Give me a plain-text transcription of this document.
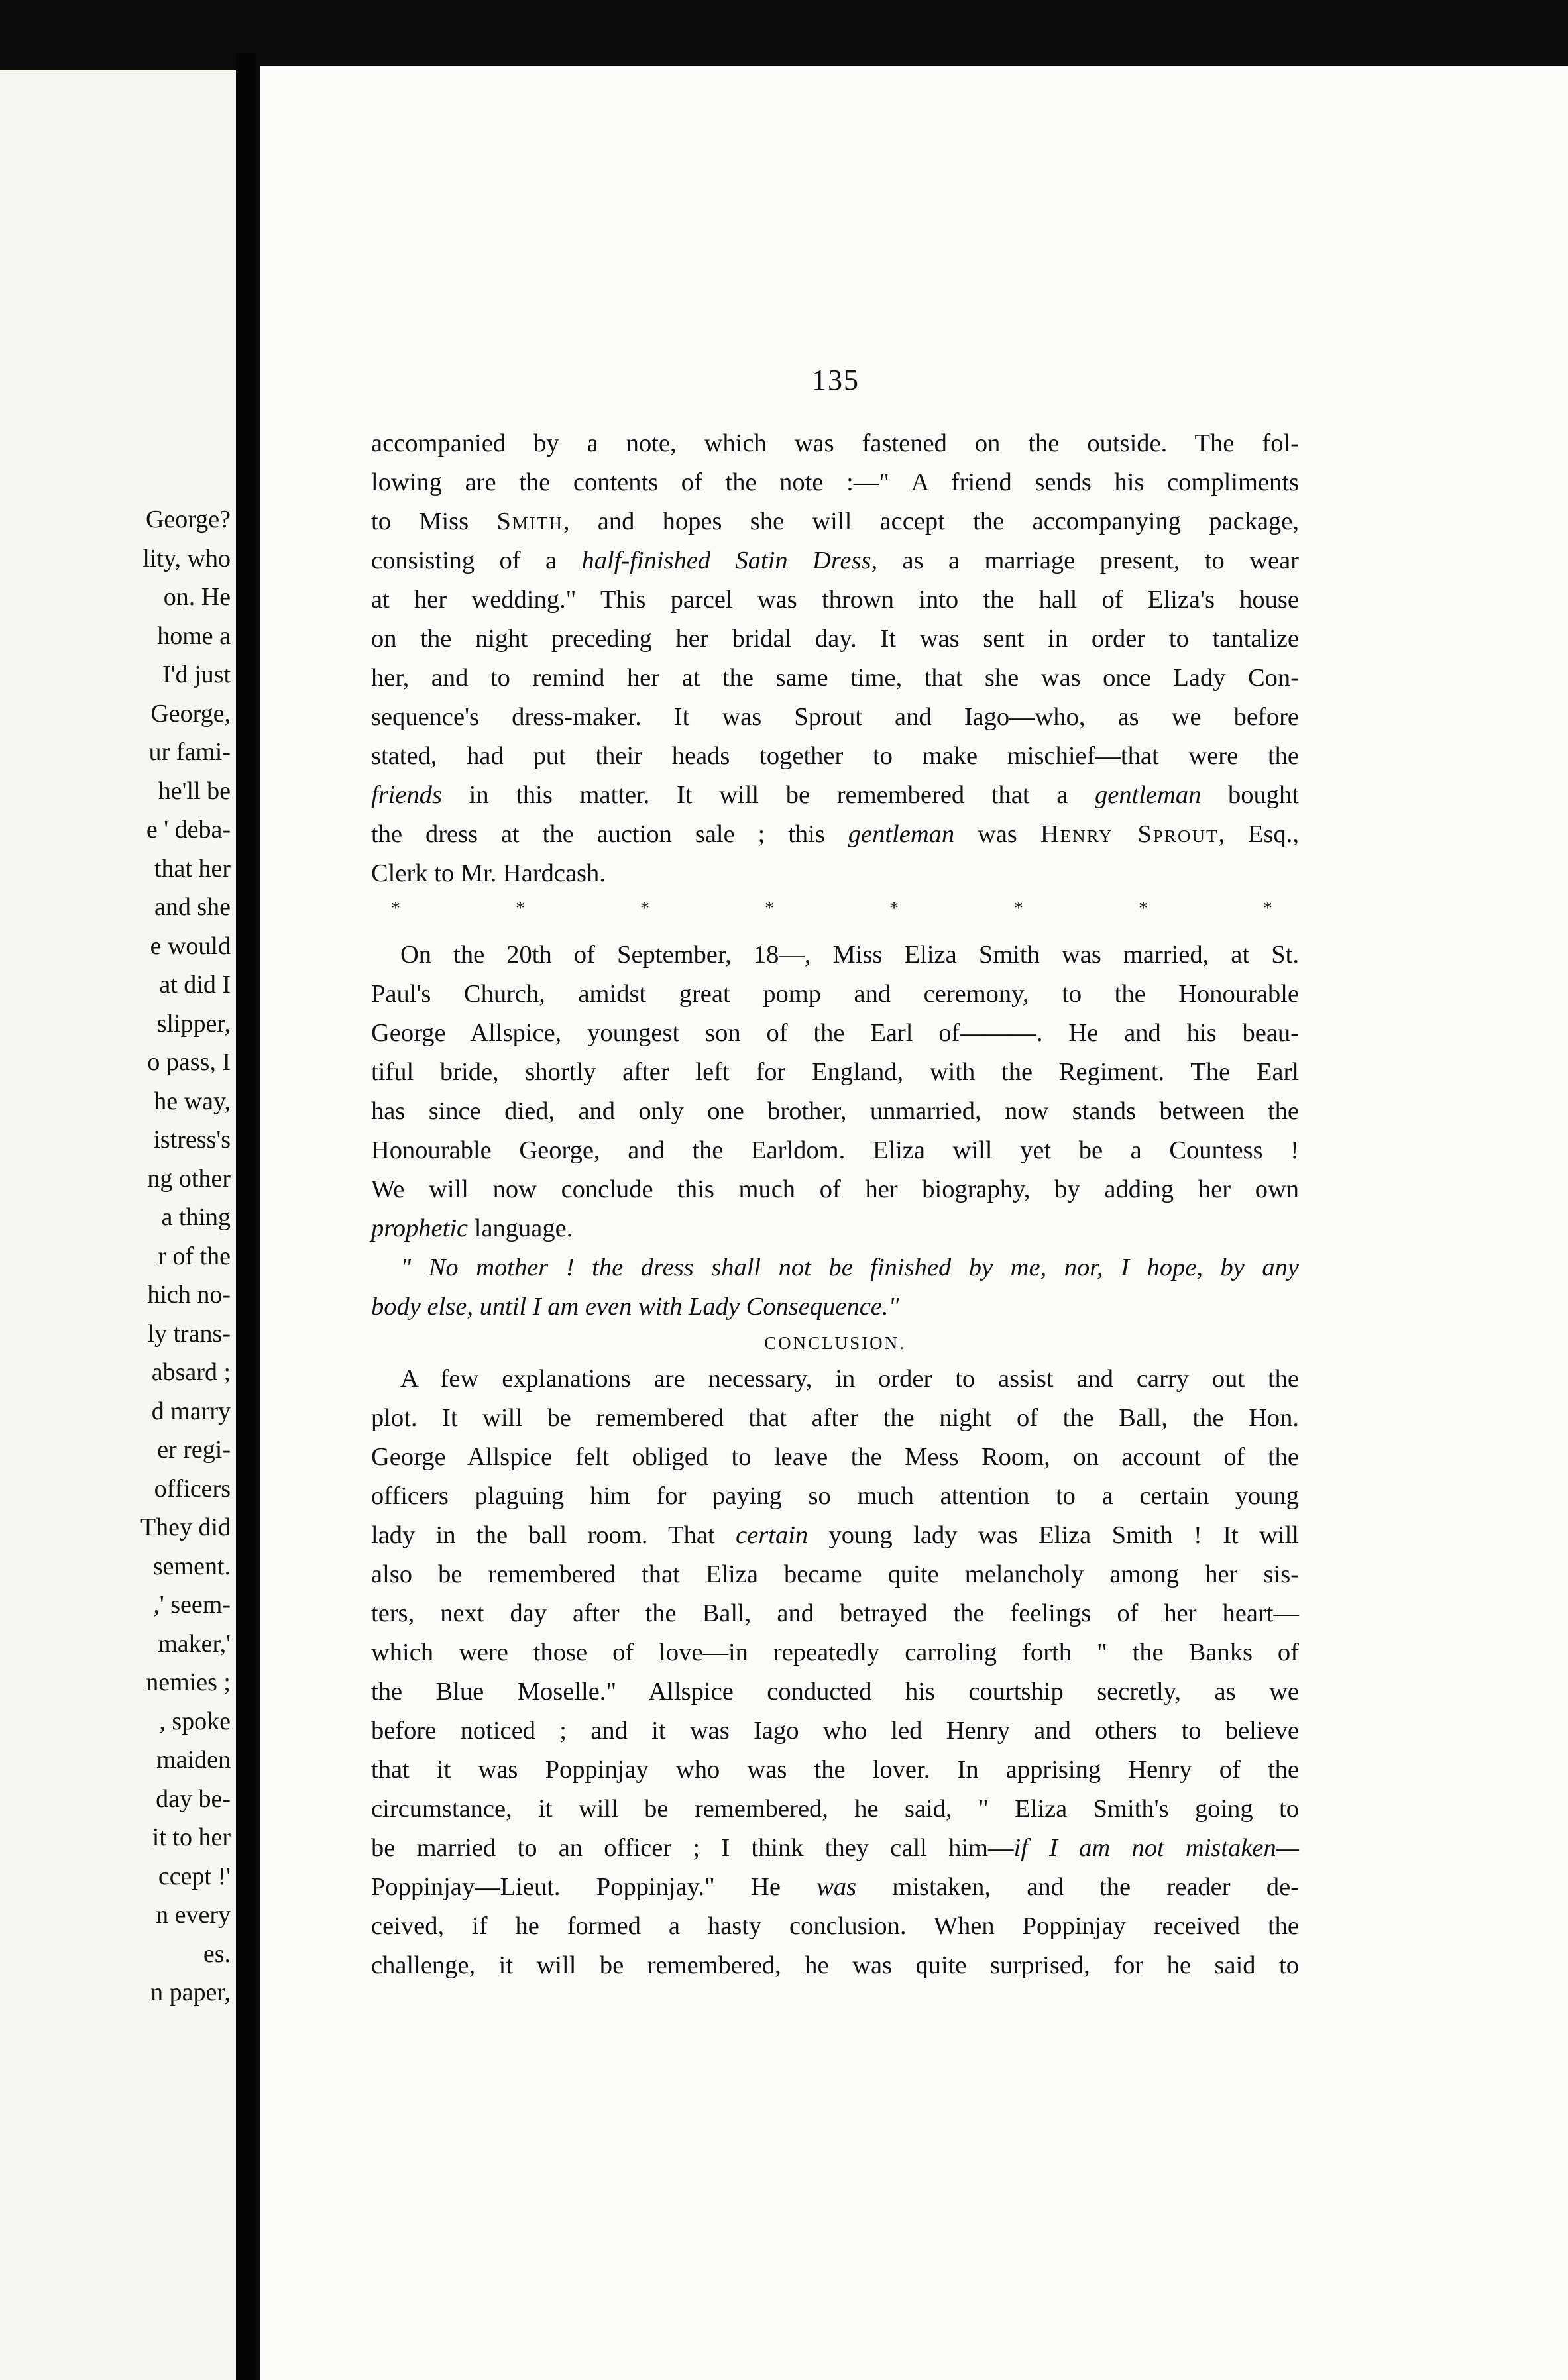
George?
lity, who
on. He
home a
I'd just
George,
ur fami-
he'll be
e ' deba-
that her
and she
e would
at did I
slipper,
o pass, I
he way,
istress's
ng other
a thing
r of the
hich no-
ly trans-
absard ;
d marry
er regi-
officers
They did
sement.
,' seem-
maker,'
nemies ;
, spoke
maiden
day be-
it to her
ccept !'
n every
es.
n paper,
135
accompanied by a note, which was fastened on the outside. The fol-
lowing are the contents of the note :—" A friend sends his compliments
to Miss Smith, and hopes she will accept the accompanying package,
consisting of a half-finished Satin Dress, as a marriage present, to wear
at her wedding." This parcel was thrown into the hall of Eliza's house
on the night preceding her bridal day. It was sent in order to tantalize
her, and to remind her at the same time, that she was once Lady Con-
sequence's dress-maker. It was Sprout and Iago—who, as we before
stated, had put their heads together to make mischief—that were the
friends in this matter. It will be remembered that a gentleman bought
the dress at the auction sale ; this gentleman was Henry Sprout, Esq.,
Clerk to Mr. Hardcash.
*	*	*	*	*	*	*	*
On the 20th of September, 18—, Miss Eliza Smith was married, at St.
Paul's Church, amidst great pomp and ceremony, to the Honourable
George Allspice, youngest son of the Earl of———. He and his beau-
tiful bride, shortly after left for England, with the Regiment. The Earl
has since died, and only one brother, unmarried, now stands between the
Honourable George, and the Earldom. Eliza will yet be a Countess !
We will now conclude this much of her biography, by adding her own
prophetic language.
" No mother ! the dress shall not be finished by me, nor, I hope, by any
body else, until I am even with Lady Consequence."
CONCLUSION.
A few explanations are necessary, in order to assist and carry out the
plot. It will be remembered that after the night of the Ball, the Hon.
George Allspice felt obliged to leave the Mess Room, on account of the
officers plaguing him for paying so much attention to a certain young
lady in the ball room. That certain young lady was Eliza Smith ! It will
also be remembered that Eliza became quite melancholy among her sis-
ters, next day after the Ball, and betrayed the feelings of her heart—
which were those of love—in repeatedly carroling forth " the Banks of
the Blue Moselle." Allspice conducted his courtship secretly, as we
before noticed ; and it was Iago who led Henry and others to believe
that it was Poppinjay who was the lover. In apprising Henry of the
circumstance, it will be remembered, he said, " Eliza Smith's going to
be married to an officer ; I think they call him—if I am not mistaken—
Poppinjay—Lieut. Poppinjay." He was mistaken, and the reader de-
ceived, if he formed a hasty conclusion. When Poppinjay received the
challenge, it will be remembered, he was quite surprised, for he said to
